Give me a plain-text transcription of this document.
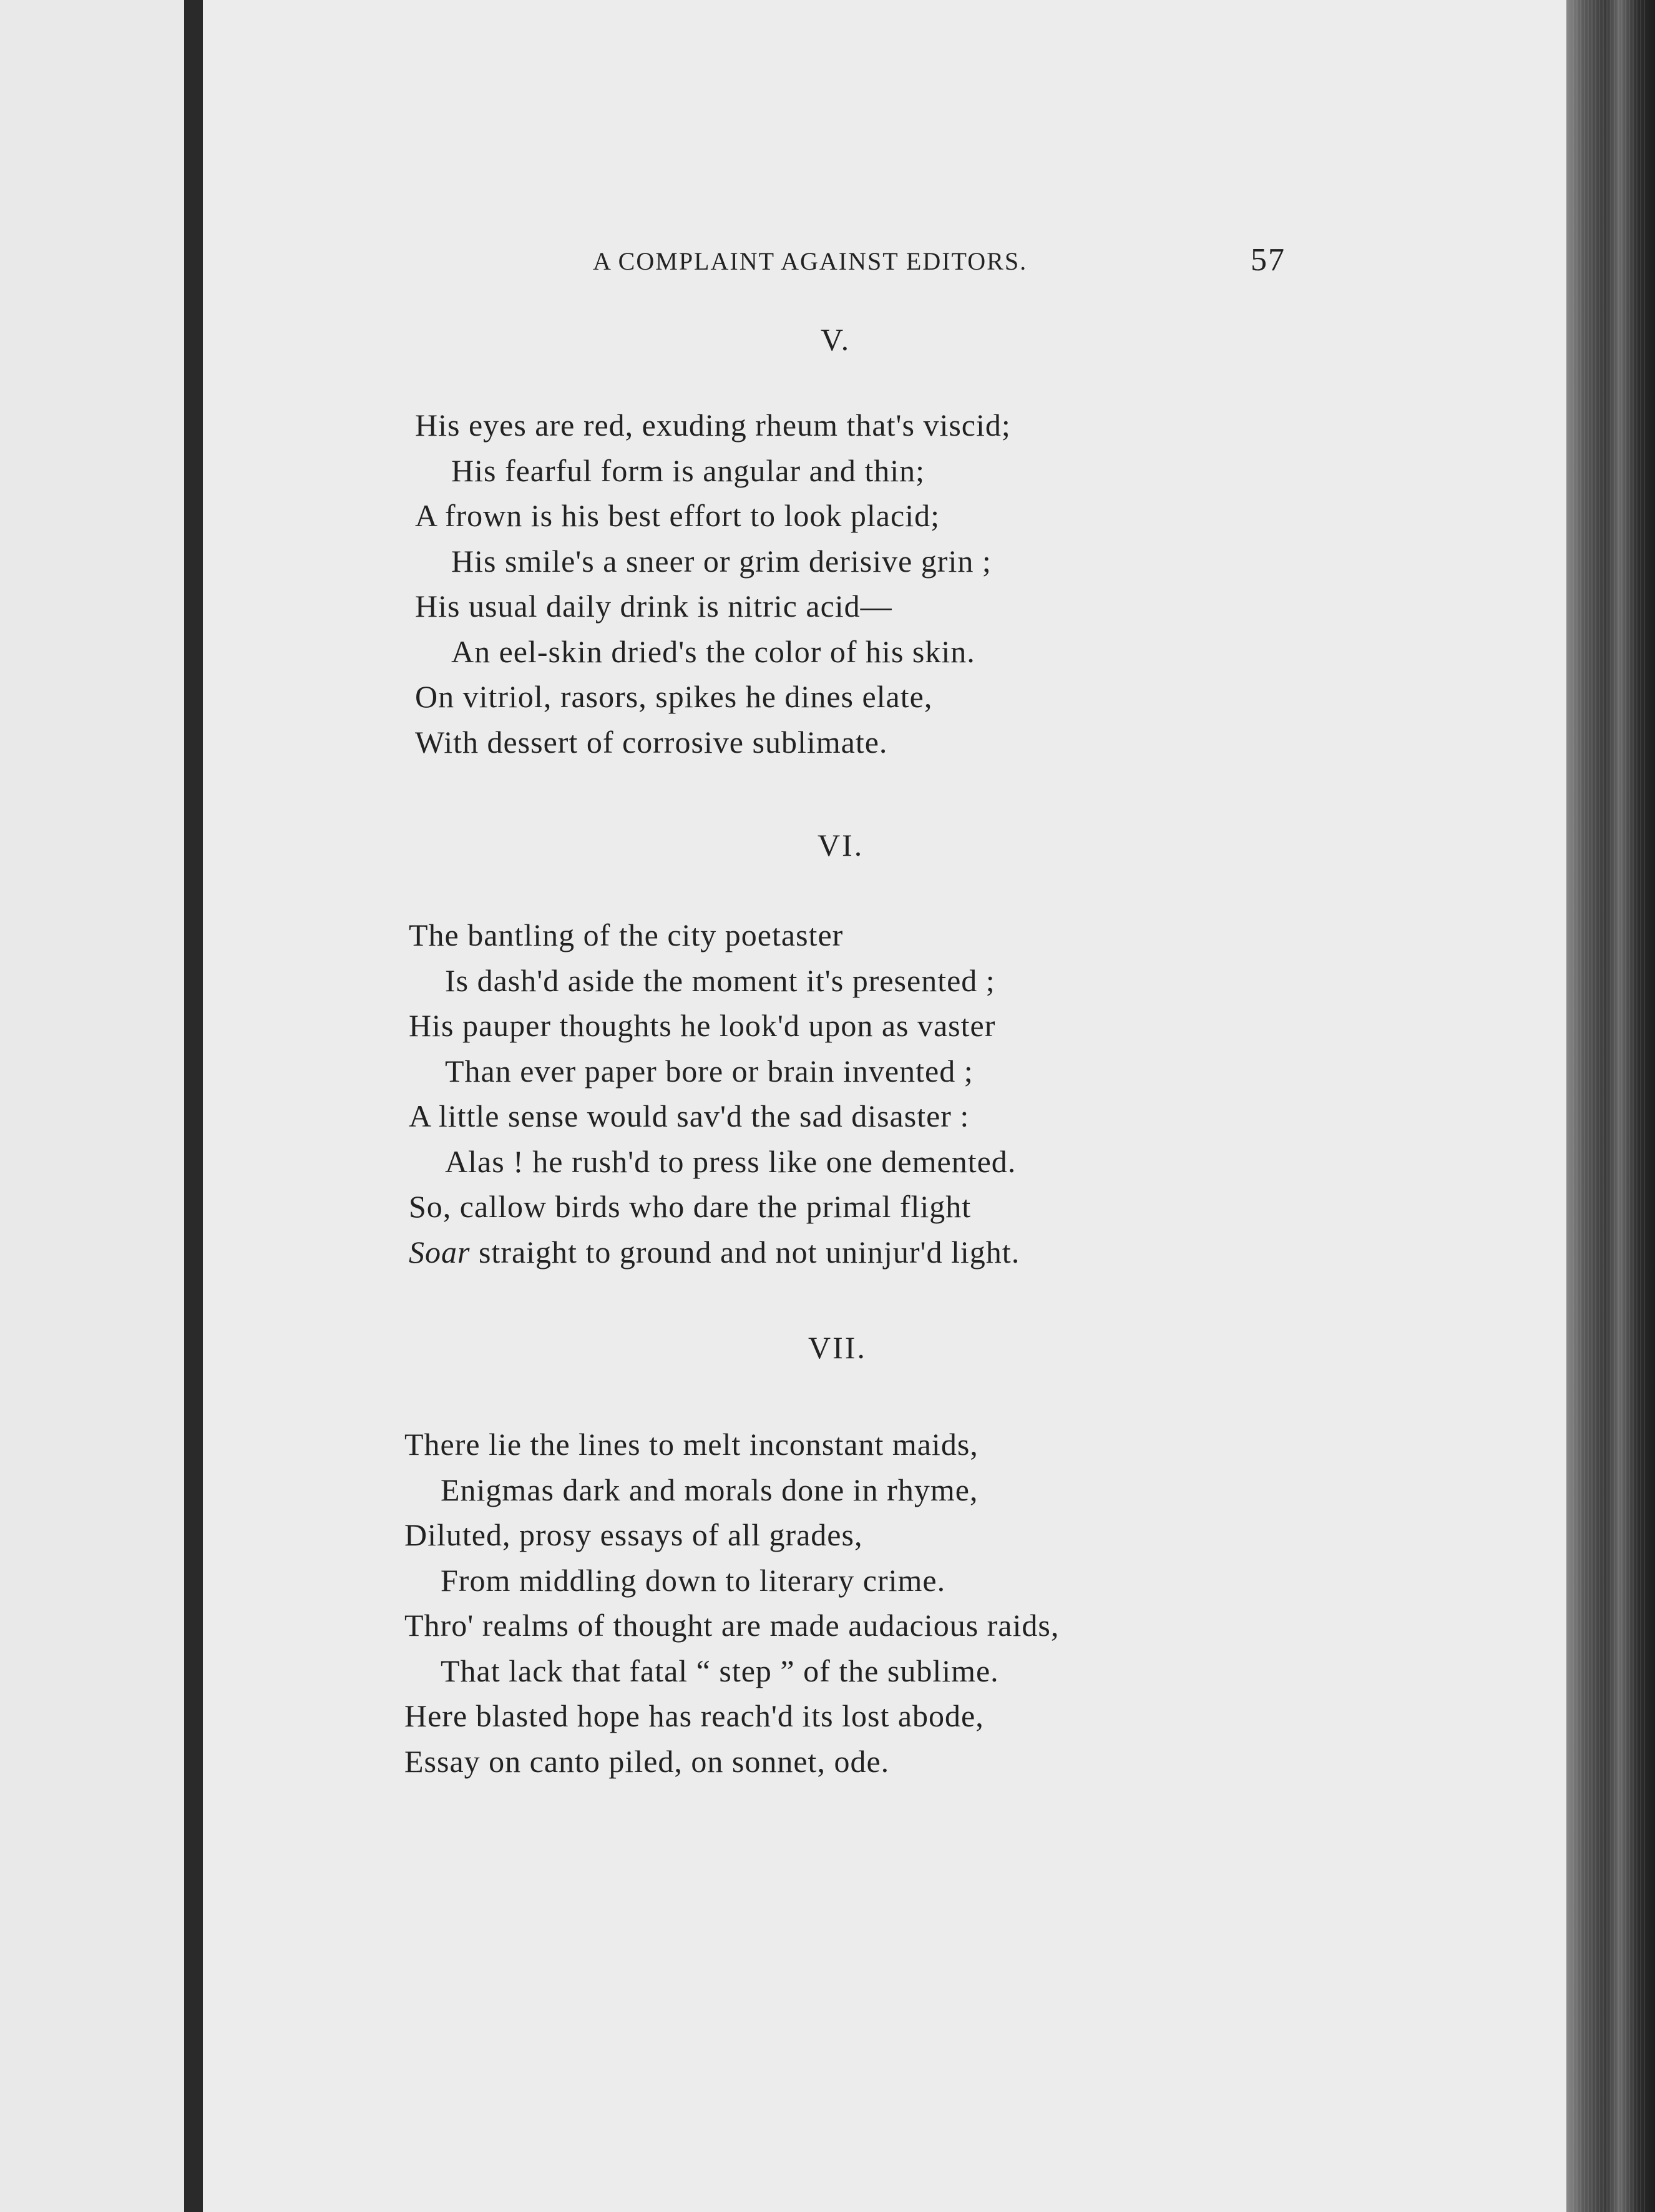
A COMPLAINT AGAINST EDITORS.	57
V.
His eyes are red, exuding rheum that's viscid;
His fearful form is angular and thin;
A frown is his best effort to look placid;
His smile's a sneer or grim derisive grin ;
His usual daily drink is nitric acid—
An eel-skin dried's the color of his skin.
On vitriol, rasors, spikes he dines elate,
With dessert of corrosive sublimate.
VI.
The bantling of the city poetaster
Is dash'd aside the moment it's presented ;
His pauper thoughts he look'd upon as vaster
Than ever paper bore or brain invented ;
A little sense would sav'd the sad disaster :
Alas ! he rush'd to press like one demented.
So, callow birds who dare the primal flight
Soar straight to ground and not uninjur'd light.
VII.
There lie the lines to melt inconstant maids,
Enigmas dark and morals done in rhyme,
Diluted, prosy essays of all grades,
From middling down to literary crime.
Thro' realms of thought are made audacious raids,
That lack that fatal “ step ” of the sublime.
Here blasted hope has reach'd its lost abode,
Essay on canto piled, on sonnet, ode.
